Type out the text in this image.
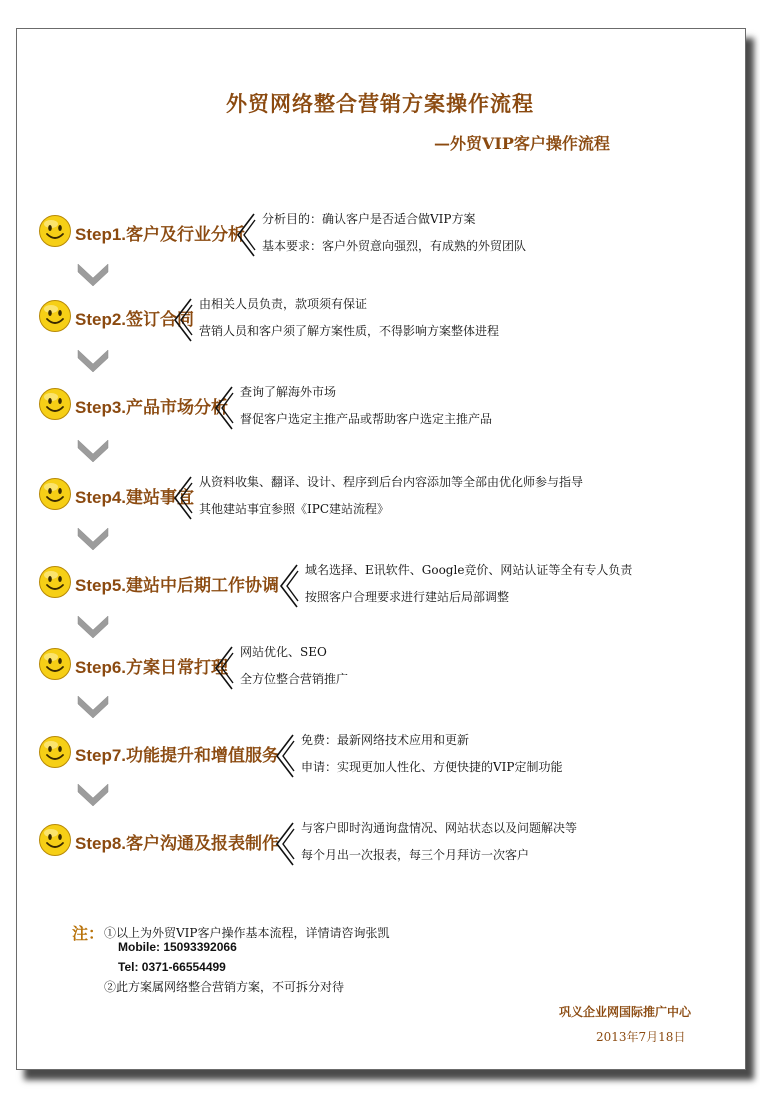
外贸网络整合营销方案操作流程
—外贸VIP客户操作流程
Step1.客户及行业分析
分析目的：确认客户是否适合做VIP方案
基本要求：客户外贸意向强烈，有成熟的外贸团队
Step2.签订合同
由相关人员负责，款项须有保证
营销人员和客户须了解方案性质，不得影响方案整体进程
Step3.产品市场分析
查询了解海外市场
督促客户选定主推产品或帮助客户选定主推产品
Step4.建站事宜
从资料收集、翻译、设计、程序到后台内容添加等全部由优化师参与指导
其他建站事宜参照《IPC建站流程》
Step5.建站中后期工作协调
域名选择、E讯软件、Google竞价、网站认证等全有专人负责
按照客户合理要求进行建站后局部调整
Step6.方案日常打理
网站优化、SEO
全方位整合营销推广
Step7.功能提升和增值服务
免费：最新网络技术应用和更新
申请：实现更加人性化、方便快捷的VIP定制功能
Step8.客户沟通及报表制作
与客户即时沟通询盘情况、网站状态以及问题解决等
每个月出一次报表，每三个月拜访一次客户
注： ①以上为外贸VIP客户操作基本流程，详情请咨询张凯
Mobile: 15093392066
Tel: 0371-66554499
②此方案属网络整合营销方案，不可拆分对待
巩义企业网国际推广中心
2013年7月18日
